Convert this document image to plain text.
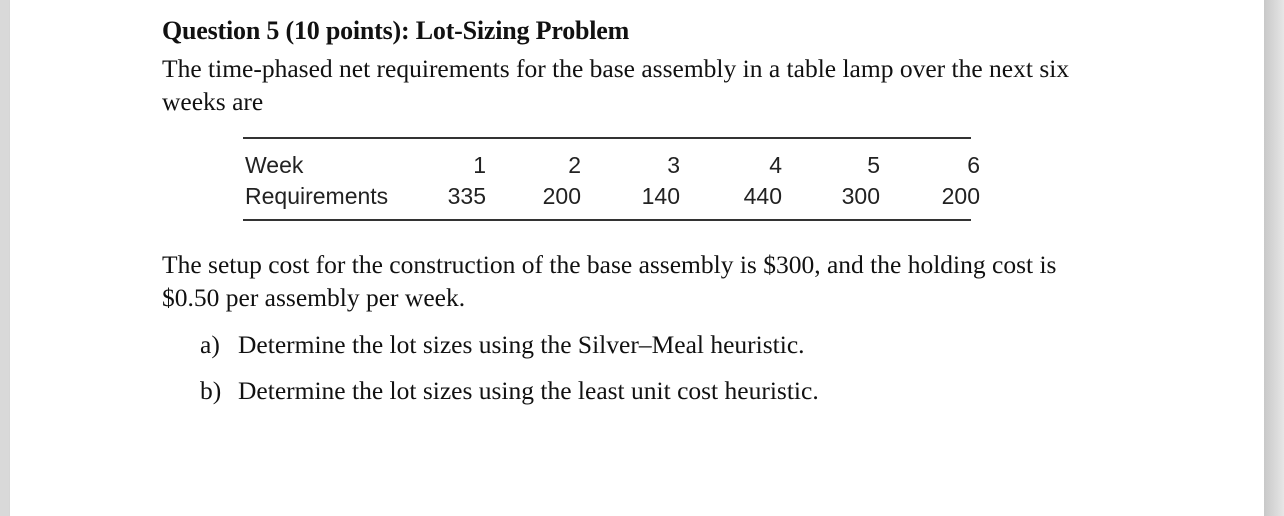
Question 5 (10 points): Lot-Sizing Problem
The time-phased net requirements for the base assembly in a table lamp over the next six
weeks are
Week	1	2	3	4	5	6
Requirements	335	200	140	440	300	200
The setup cost for the construction of the base assembly is $300, and the holding cost is
$0.50 per assembly per week.
a) Determine the lot sizes using the Silver–Meal heuristic.
b) Determine the lot sizes using the least unit cost heuristic.
